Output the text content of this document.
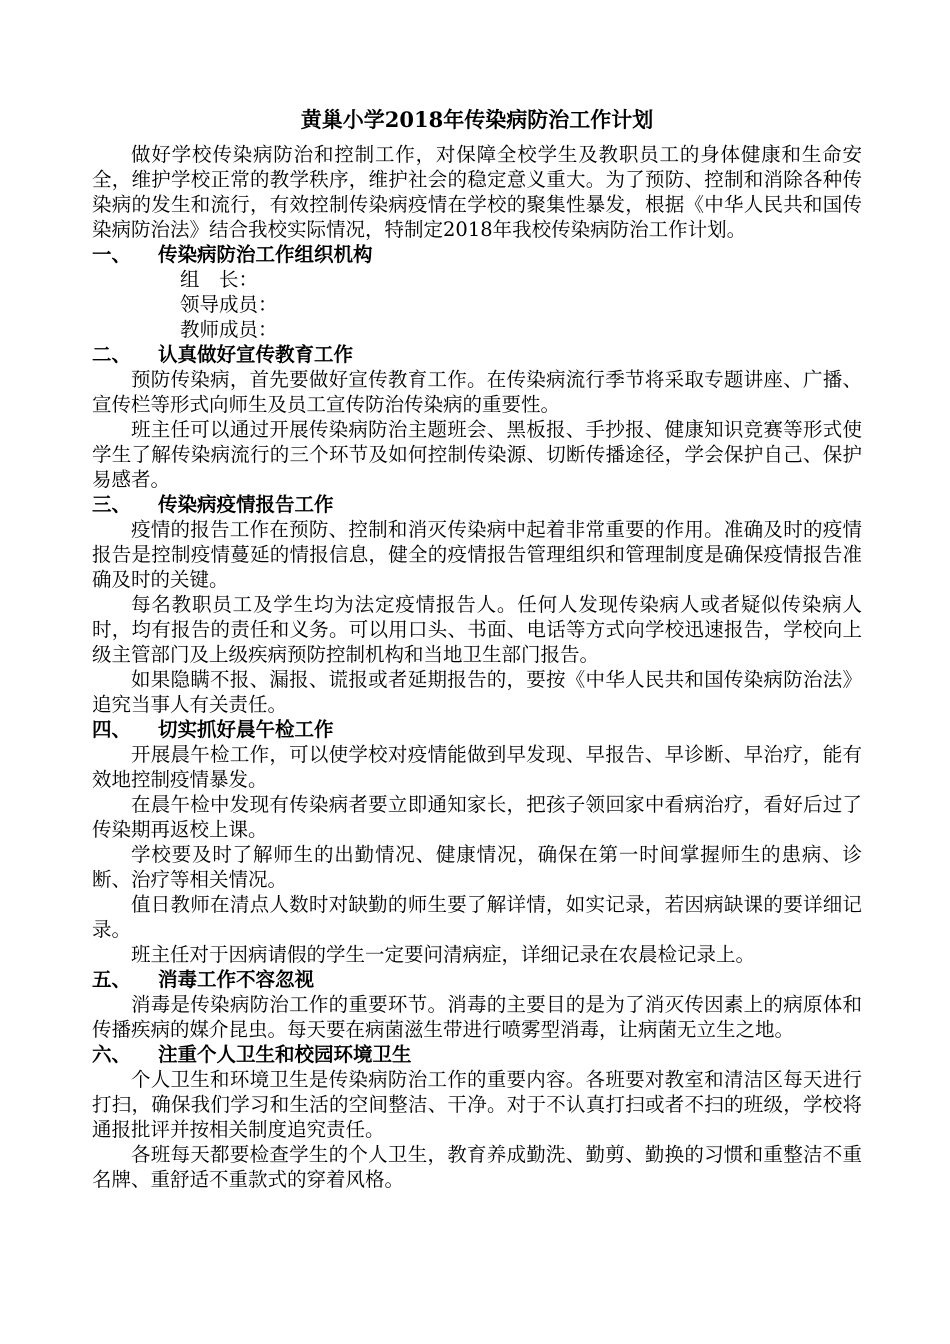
黄巢小学2018年传染病防治工作计划

做好学校传染病防治和控制工作，对保障全校学生及教职员工的身体健康和生命安全，维护学校正常的教学秩序，维护社会的稳定意义重大。为了预防、控制和消除各种传染病的发生和流行，有效控制传染病疫情在学校的聚集性暴发，根据《中华人民共和国传染病防治法》结合我校实际情况，特制定2018年我校传染病防治工作计划。

一、	传染病防治工作组织机构

组　长：

领导成员：

教师成员：

二、	认真做好宣传教育工作

预防传染病，首先要做好宣传教育工作。在传染病流行季节将采取专题讲座、广播、宣传栏等形式向师生及员工宣传防治传染病的重要性。

班主任可以通过开展传染病防治主题班会、黑板报、手抄报、健康知识竞赛等形式使学生了解传染病流行的三个环节及如何控制传染源、切断传播途径，学会保护自己、保护易感者。

三、	传染病疫情报告工作

疫情的报告工作在预防、控制和消灭传染病中起着非常重要的作用。准确及时的疫情报告是控制疫情蔓延的情报信息，健全的疫情报告管理组织和管理制度是确保疫情报告准确及时的关键。

每名教职员工及学生均为法定疫情报告人。任何人发现传染病人或者疑似传染病人时，均有报告的责任和义务。可以用口头、书面、电话等方式向学校迅速报告，学校向上级主管部门及上级疾病预防控制机构和当地卫生部门报告。

如果隐瞒不报、漏报、谎报或者延期报告的，要按《中华人民共和国传染病防治法》追究当事人有关责任。

四、	切实抓好晨午检工作

开展晨午检工作，可以使学校对疫情能做到早发现、早报告、早诊断、早治疗，能有效地控制疫情暴发。

在晨午检中发现有传染病者要立即通知家长，把孩子领回家中看病治疗，看好后过了传染期再返校上课。

学校要及时了解师生的出勤情况、健康情况，确保在第一时间掌握师生的患病、诊断、治疗等相关情况。

值日教师在清点人数时对缺勤的师生要了解详情，如实记录，若因病缺课的要详细记录。

班主任对于因病请假的学生一定要问清病症，详细记录在农晨检记录上。

五、	消毒工作不容忽视

消毒是传染病防治工作的重要环节。消毒的主要目的是为了消灭传因素上的病原体和传播疾病的媒介昆虫。每天要在病菌滋生带进行喷雾型消毒，让病菌无立生之地。

六、	注重个人卫生和校园环境卫生

个人卫生和环境卫生是传染病防治工作的重要内容。各班要对教室和清洁区每天进行打扫，确保我们学习和生活的空间整洁、干净。对于不认真打扫或者不扫的班级，学校将通报批评并按相关制度追究责任。

各班每天都要检查学生的个人卫生，教育养成勤洗、勤剪、勤换的习惯和重整洁不重名牌、重舒适不重款式的穿着风格。
